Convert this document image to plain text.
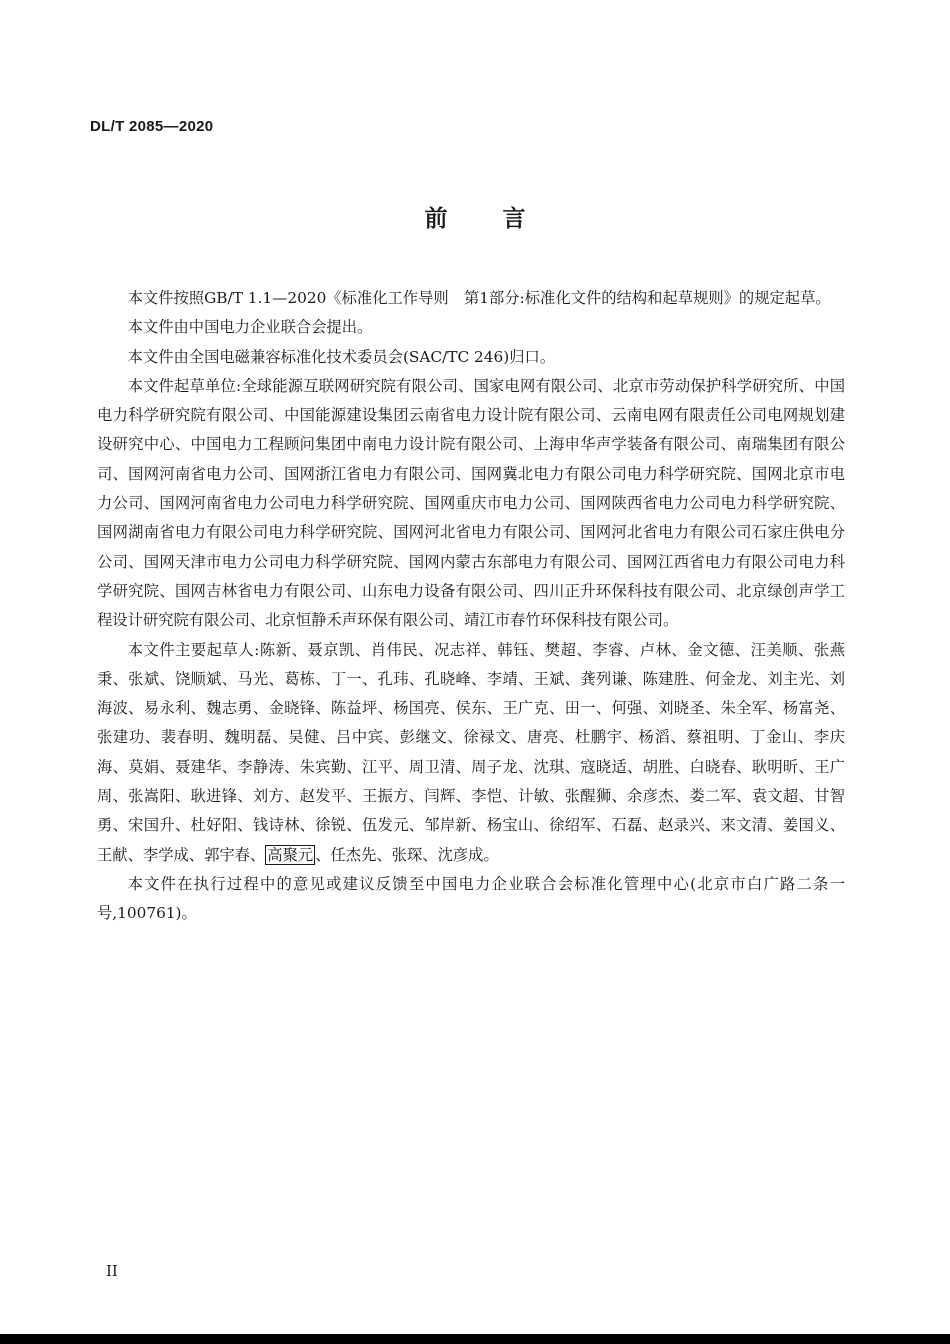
DL/T 2085—2020
前 言

本文件按照GB/T 1.1—2020《标准化工作导则　第1部分:标准化文件的结构和起草规则》的规定起草。

本文件由中国电力企业联合会提出。

本文件由全国电磁兼容标准化技术委员会(SAC/TC 246)归口。

本文件起草单位:全球能源互联网研究院有限公司、国家电网有限公司、北京市劳动保护科学研究所、中国电力科学研究院有限公司、中国能源建设集团云南省电力设计院有限公司、云南电网有限责任公司电网规划建设研究中心、中国电力工程顾问集团中南电力设计院有限公司、上海申华声学装备有限公司、南瑞集团有限公司、国网河南省电力公司、国网浙江省电力有限公司、国网冀北电力有限公司电力科学研究院、国网北京市电力公司、国网河南省电力公司电力科学研究院、国网重庆市电力公司、国网陕西省电力公司电力科学研究院、国网湖南省电力有限公司电力科学研究院、国网河北省电力有限公司、国网河北省电力有限公司石家庄供电分公司、国网天津市电力公司电力科学研究院、国网内蒙古东部电力有限公司、国网江西省电力有限公司电力科学研究院、国网吉林省电力有限公司、山东电力设备有限公司、四川正升环保科技有限公司、北京绿创声学工程设计研究院有限公司、北京恒静禾声环保有限公司、靖江市春竹环保科技有限公司。

本文件主要起草人:陈新、聂京凯、肖伟民、况志祥、韩钰、樊超、李睿、卢林、金文德、汪美顺、张燕秉、张斌、饶顺斌、马光、葛栋、丁一、孔玮、孔晓峰、李靖、王斌、龚列谦、陈建胜、何金龙、刘主光、刘海波、易永利、魏志勇、金晓锋、陈益坪、杨国亮、侯东、王广克、田一、何强、刘晓圣、朱全军、杨富尧、张建功、裴春明、魏明磊、吴健、吕中宾、彭继文、徐禄文、唐亮、杜鹏宇、杨滔、蔡祖明、丁金山、李庆海、莫娟、聂建华、李静涛、朱宾勤、江平、周卫清、周子龙、沈琪、寇晓适、胡胜、白晓春、耿明昕、王广周、张嵩阳、耿进锋、刘方、赵发平、王振方、闫辉、李恺、计敏、张醒狮、余彦杰、娄二军、袁文超、甘智勇、宋国升、杜好阳、钱诗林、徐锐、伍发元、邹岸新、杨宝山、徐绍军、石磊、赵录兴、来文清、姜国义、王献、李学成、郭宇春、 高聚元 、任杰先、张琛、沈彦成。

本文件在执行过程中的意见或建议反馈至中国电力企业联合会标准化管理中心(北京市白广路二条一号,100761)。

II
